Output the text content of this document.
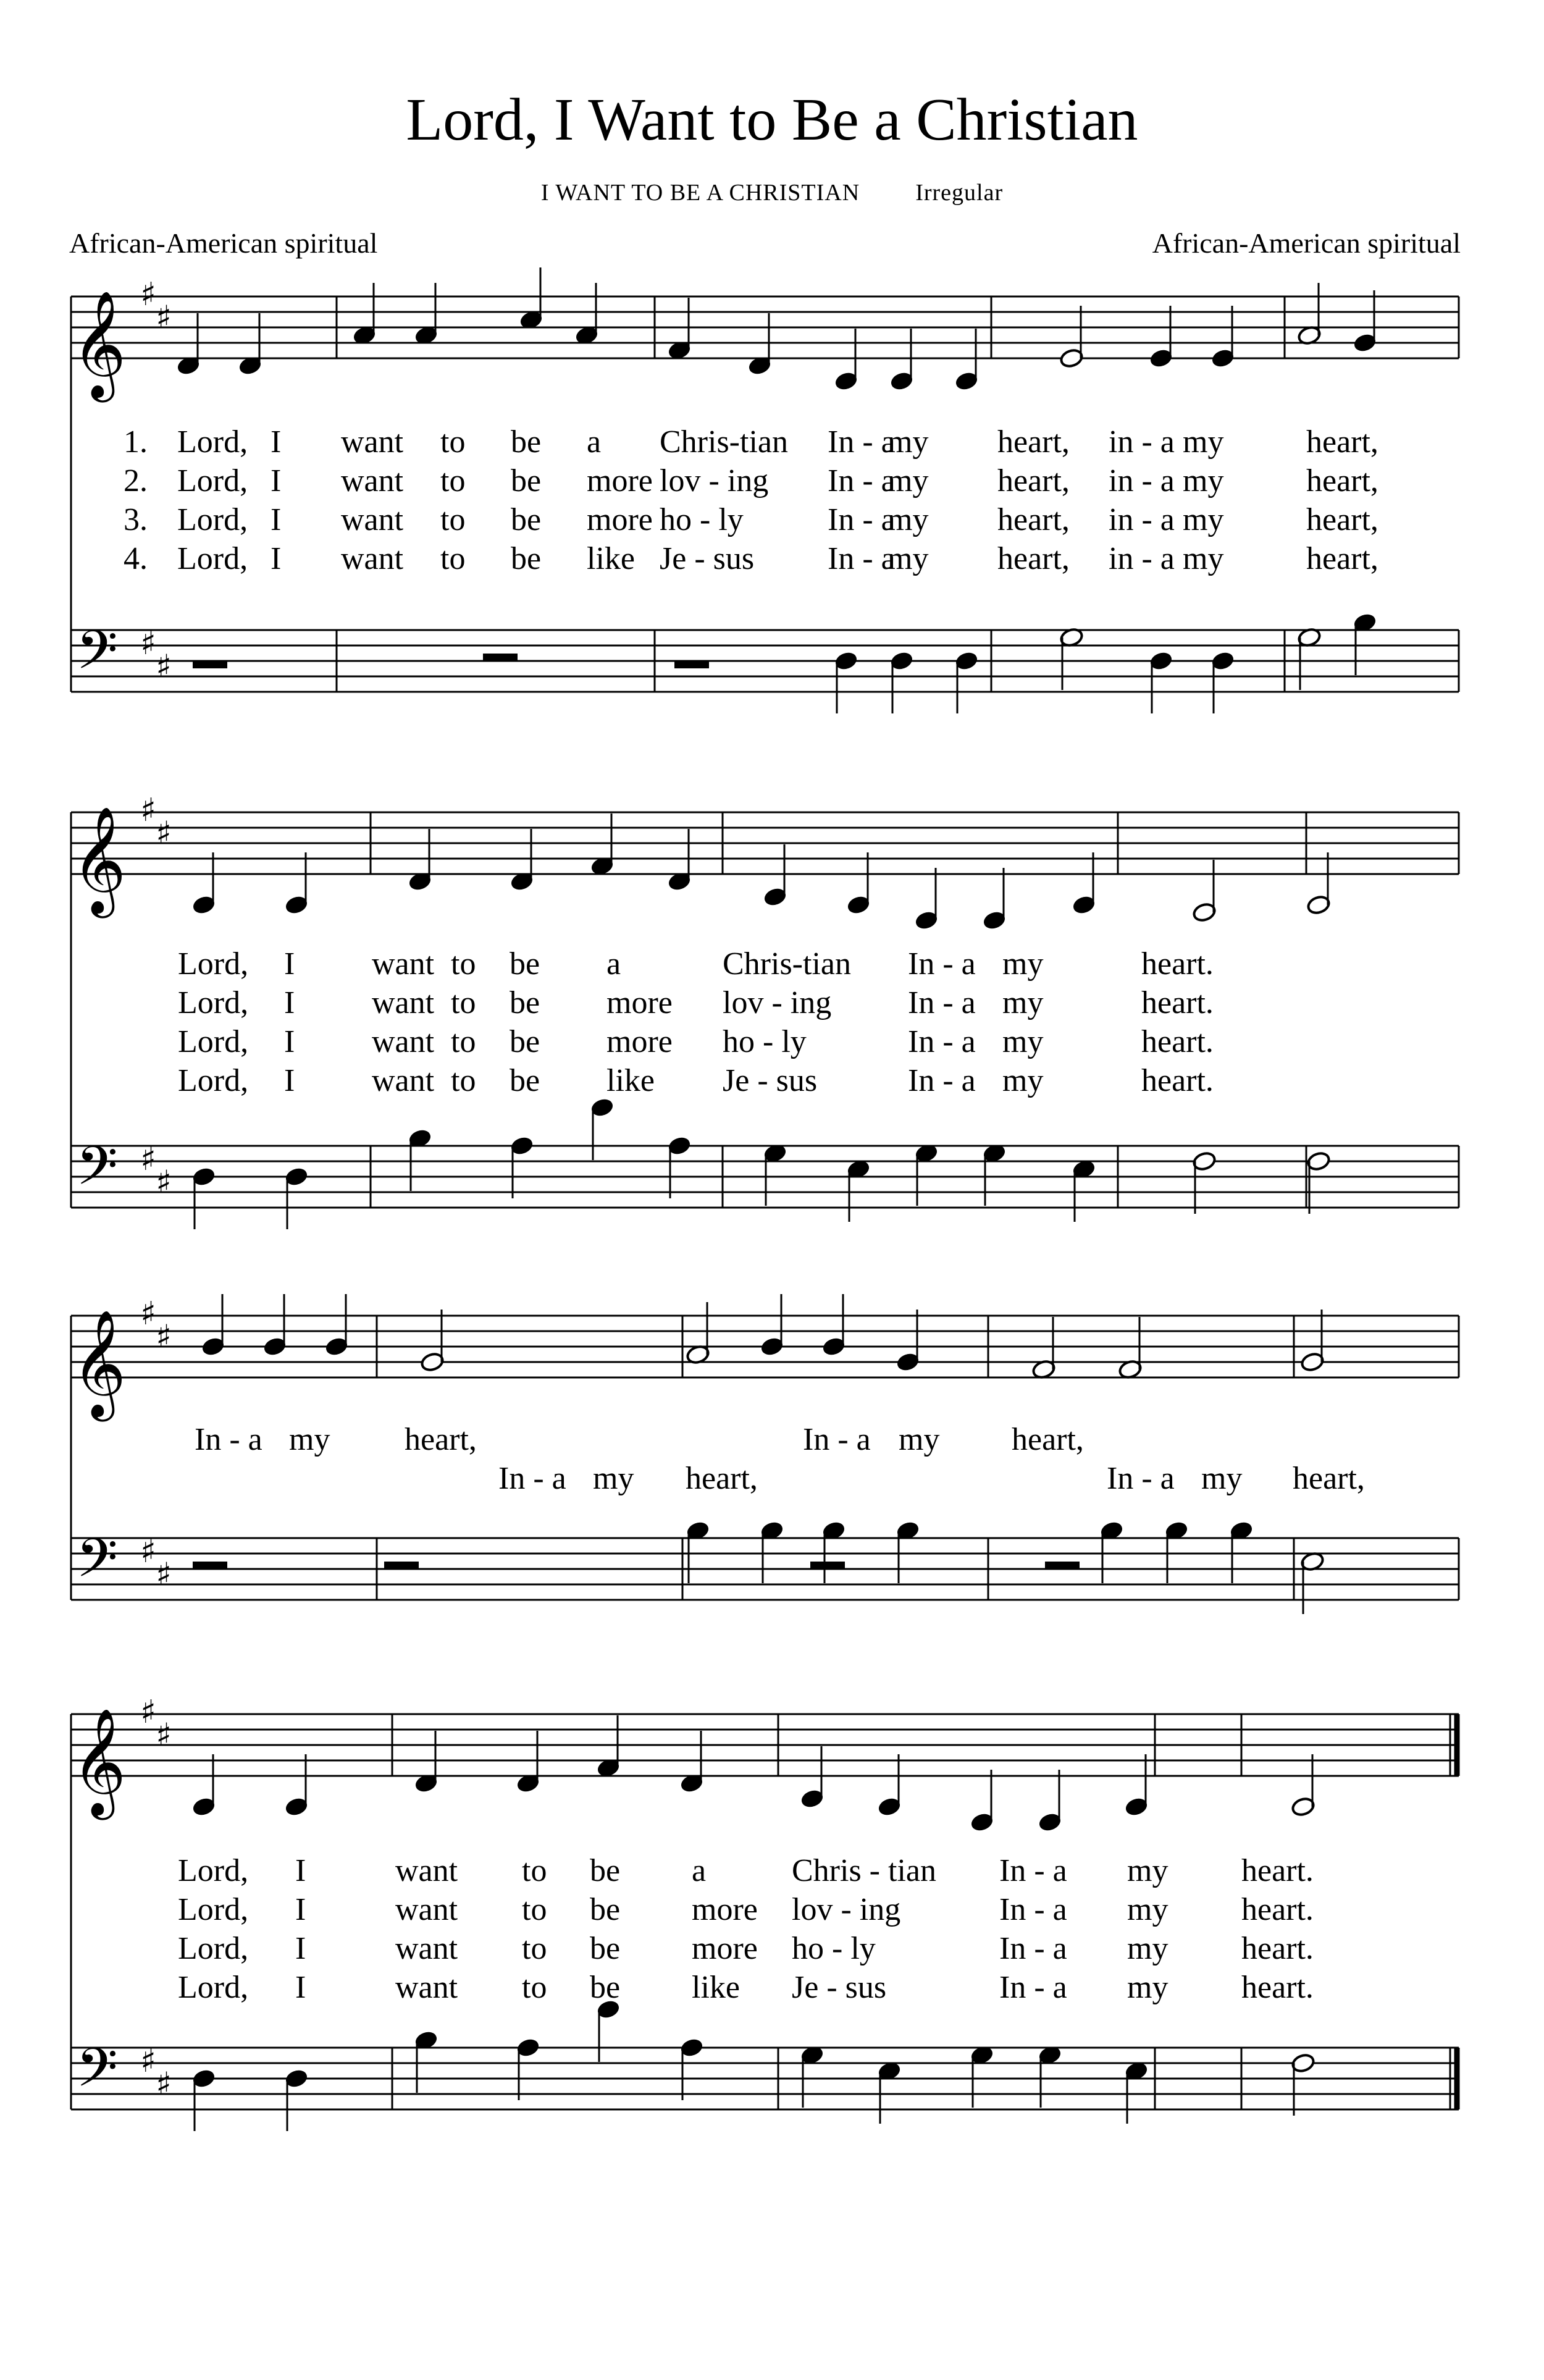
Lord, I Want to Be a Christian
I WANT TO BE A CHRISTIAN Irregular
African-American spiritual	African-American spiritual
𝄞
𝄢
♯
♯
♯
♯
𝄞
𝄢
♯
♯
♯
♯
𝄞
𝄢
♯
♯
♯
♯
𝄞
𝄢
♯
♯
♯
♯
1. Lord, I want to be a Chris-tian In - a
my heart, in - a my	heart,
2. Lord, I want to be more lov - ing In - a
my heart, in - a my	heart,
3. Lord, I want to be more ho - ly	In - a
my heart, in - a my	heart,
4. Lord, I want to be like Je - sus In - a
my heart, in - a my	heart,
Lord, I want to be a	Chris-tian In - a my	heart.
Lord, I want to be more lov - ing In - a my	heart.
Lord, I want to be more ho - ly	In - a my	heart.
Lord, I want to be like Je - sus	In - a my	heart.
In - a my heart,	In - a my heart,
In - a my heart,	In - a my heart,
Lord, I	want to be a	Chris - tian In - a my heart.
Lord, I	want to be more lov - ing	In - a my heart.
Lord, I	want to be more ho - ly	In - a my heart.
Lord, I	want to be like Je - sus	In - a my heart.
